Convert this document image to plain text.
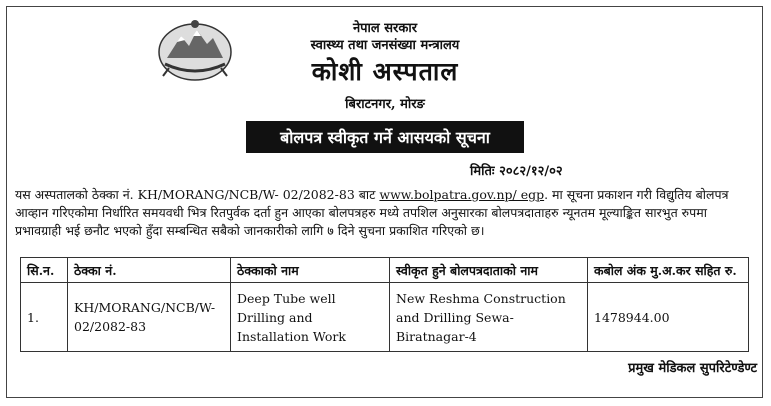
नेपाल सरकार
स्वास्थ्य तथा जनसंख्या मन्त्रालय
कोशी अस्पताल
बिराटनगर, मोरङ
बोलपत्र स्वीकृत गर्ने आसयको सूचना
मितिः २०८२/१२/०२
यस अस्पतालको ठेक्का नं. KH/MORANG/NCB/W- 02/2082-83 बाट www.bolpatra.gov.np/ egp. मा सूचना प्रकाशन गरी विद्युतिय बोलपत्र आव्हान गरिएकोमा निर्धारित समयवधी भित्र रितपुर्वक दर्ता हुन आएका बोलपत्रहरु मध्ये तपशिल अनुसारका बोलपत्रदाताहरु न्यूनतम मूल्याङ्कित सारभुत रुपमा प्रभावग्राही भई छनौट भएको हुँदा सम्बन्धित सबैको जानकारीको लागि ७ दिने सुचना प्रकाशित गरिएको छ।
सि.न.	ठेक्का नं.	ठेक्काको नाम	स्वीकृत हुने बोलपत्रदाताको नाम	कबोल अंक मु.अ.कर सहित रु.
1.	KH/MORANG/NCB/W- 02/2082-83	Deep Tube well Drilling and Installation Work	New Reshma Construction and Drilling Sewa- Biratnagar-4	1478944.00
प्रमुख मेडिकल सुपरिटेण्डेण्ट
